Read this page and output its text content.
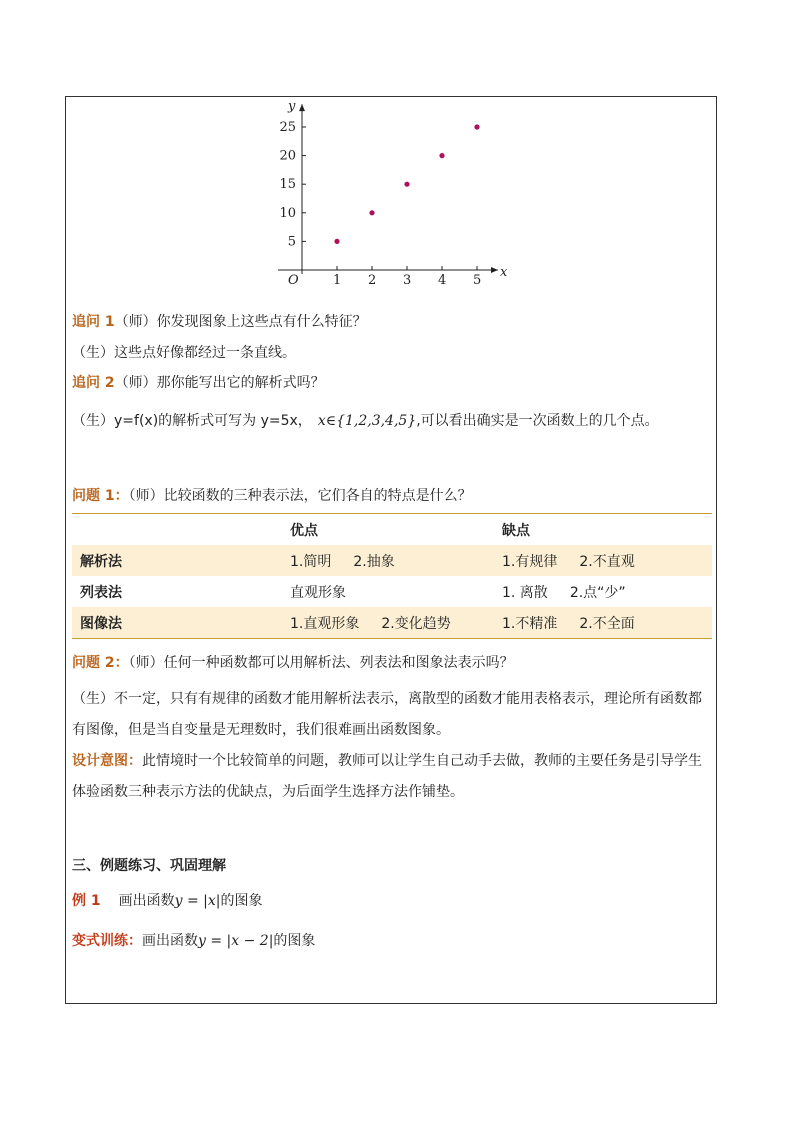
x
y
O	1 2 3 4 5
5
10
15
20
25
追问 1（师）你发现图象上这些点有什么特征？
（生）这些点好像都经过一条直线。
追问 2（师）那你能写出它的解析式吗？
（生）y=f(x)的解析式可写为 y=5x， x∈{1,2,3,4,5},可以看出确实是一次函数上的几个点。
问题 1：（师）比较函数的三种表示法，它们各自的特点是什么？
	优点	缺点
解析法	1.简明 2.抽象	1.有规律 2.不直观
列表法	直观形象	1. 离散 2.点“少”
图像法	1.直观形象 2.变化趋势	1.不精准 2.不全面
问题 2：（师）任何一种函数都可以用解析法、列表法和图象法表示吗？
（生）不一定，只有有规律的函数才能用解析法表示，离散型的函数才能用表格表示，理论所有函数都有图像，但是当自变量是无理数时，我们很难画出函数图象。
设计意图：此情境时一个比较简单的问题，教师可以让学生自己动手去做，教师的主要任务是引导学生体验函数三种表示方法的优缺点，为后面学生选择方法作铺垫。
三、例题练习、巩固理解
例 1 画出函数y = |x|的图象
变式训练：画出函数y = |x − 2|的图象
